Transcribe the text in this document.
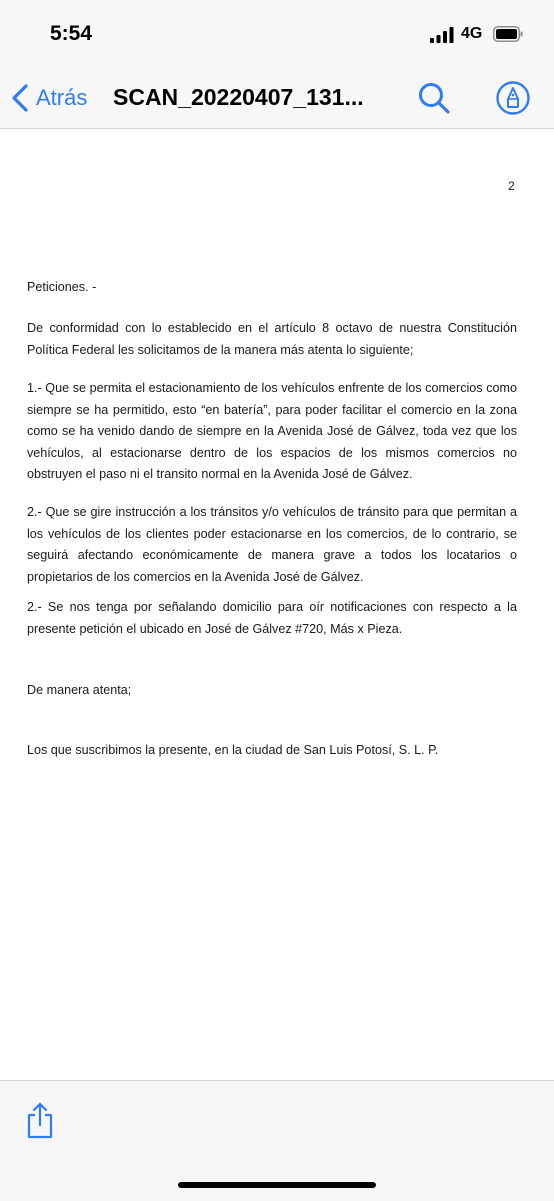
5:54	4G
Atrás SCAN_20220407_131...
2

Peticiones. -

De conformidad con lo establecido en el artículo 8 octavo de nuestra Constitución Política Federal les solicitamos de la manera más atenta lo siguiente;

1.- Que se permita el estacionamiento de los vehículos enfrente de los comercios como siempre se ha permitido, esto “en batería”, para poder facilitar el comercio en la zona como se ha venido dando de siempre en la Avenida José de Gálvez, toda vez que los vehículos, al estacionarse dentro de los espacios de los mismos comercios no obstruyen el paso ni el transito normal en la Avenida José de Gálvez.

2.- Que se gire instrucción a los tránsitos y/o vehículos de tránsito para que permitan a los vehículos de los clientes poder estacionarse en los comercios, de lo contrario, se seguirá afectando económicamente de manera grave a todos los locatarios o propietarios de los comercios en la Avenida José de Gálvez.

2.- Se nos tenga por señalando domicilio para oír notificaciones con respecto a la presente petición el ubicado en José de Gálvez #720, Más x Pieza.

De manera atenta;

Los que suscribimos la presente, en la ciudad de San Luis Potosí, S. L. P.
